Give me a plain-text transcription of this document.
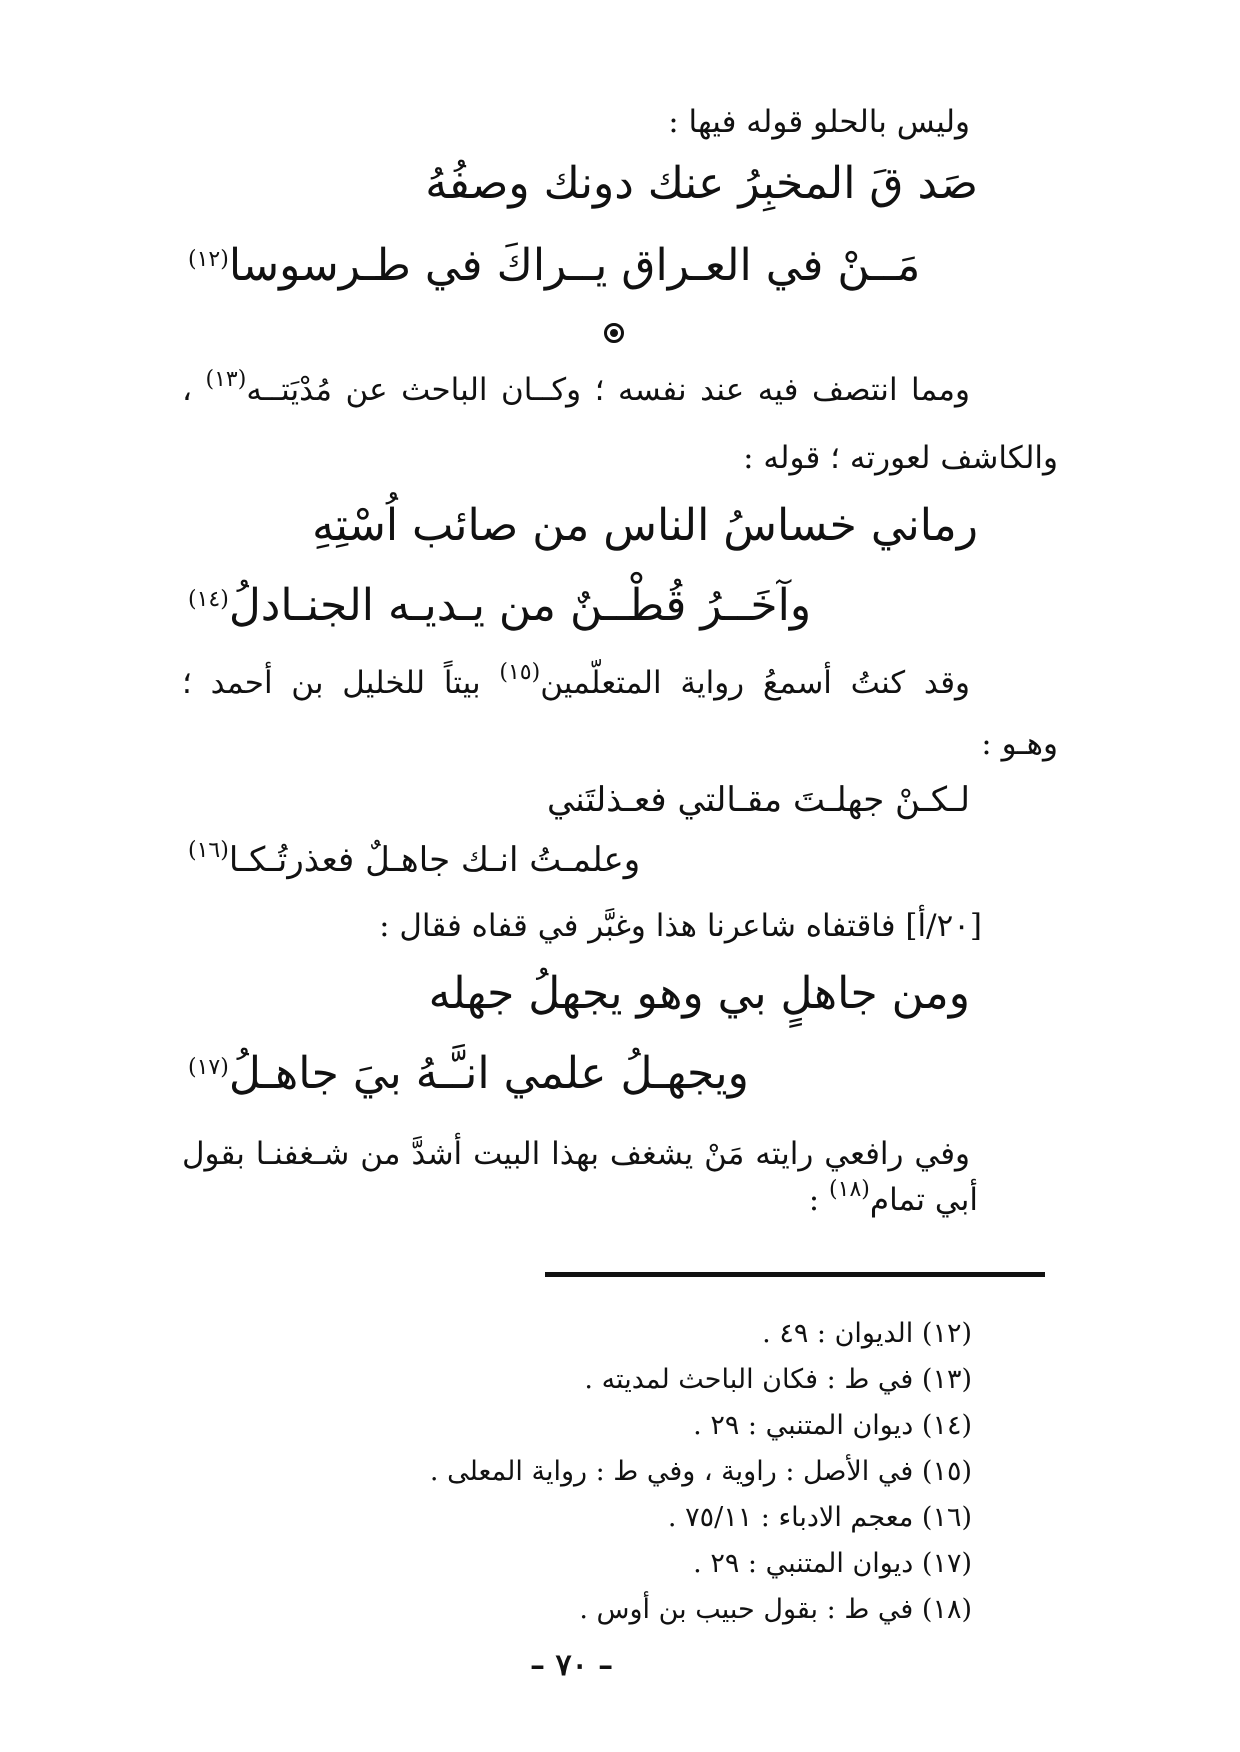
وليس بالحلو قوله فيها :
صَد قَ المخبِرُ عنك دونك وصفُهُ
مَــنْ في العـراق يــراكَ في طـرسوسا$^{(١٢)}$
ومما انتصف فيه عند نفسه ؛ وكــان الباحث عن مُدْيَتــه$^{(١٣)}$ ،
والكاشف لعورته ؛ قوله :
رماني خساسُ الناس من صائب اُسْتِهِ
وآخَــرُ قُطْــنٌ من يـديـه الجنـادلُ$^{(١٤)}$
وقد كنتُ أسمعُ رواية المتعلّمين$^{(١٥)}$ بيتاً للخليل بن أحمد ؛
وهـو :
لـكـنْ جهلـتَ مقـالتي فعـذلتَني
وعلمـتُ انـك جاهـلٌ فعذرتُـكـا$^{(١٦)}$
[٢٠/أ] فاقتفاه شاعرنا هذا وغبَّر في قفاه فقال :
ومن جاهلٍ بي وهو يجهلُ جهله
ويجهـلُ علمي انـَّـهُ بيَ جاهـلُ$^{(١٧)}$
وفي رافعي رايته مَنْ يشغف بهذا البيت أشدَّ من شـغفنـا بقول
أبي تمام$^{(١٨)}$ :
(١٢) الديوان : ٤٩ .
(١٣) في ط : فكان الباحث لمديته .
(١٤) ديوان المتنبي : ٢٩ .
(١٥) في الأصل : راوية ، وفي ط : رواية المعلى .
(١٦) معجم الادباء : ٧٥/١١ .
(١٧) ديوان المتنبي : ٢٩ .
(١٨) في ط : بقول حبيب بن أوس .
– ٧٠ –
